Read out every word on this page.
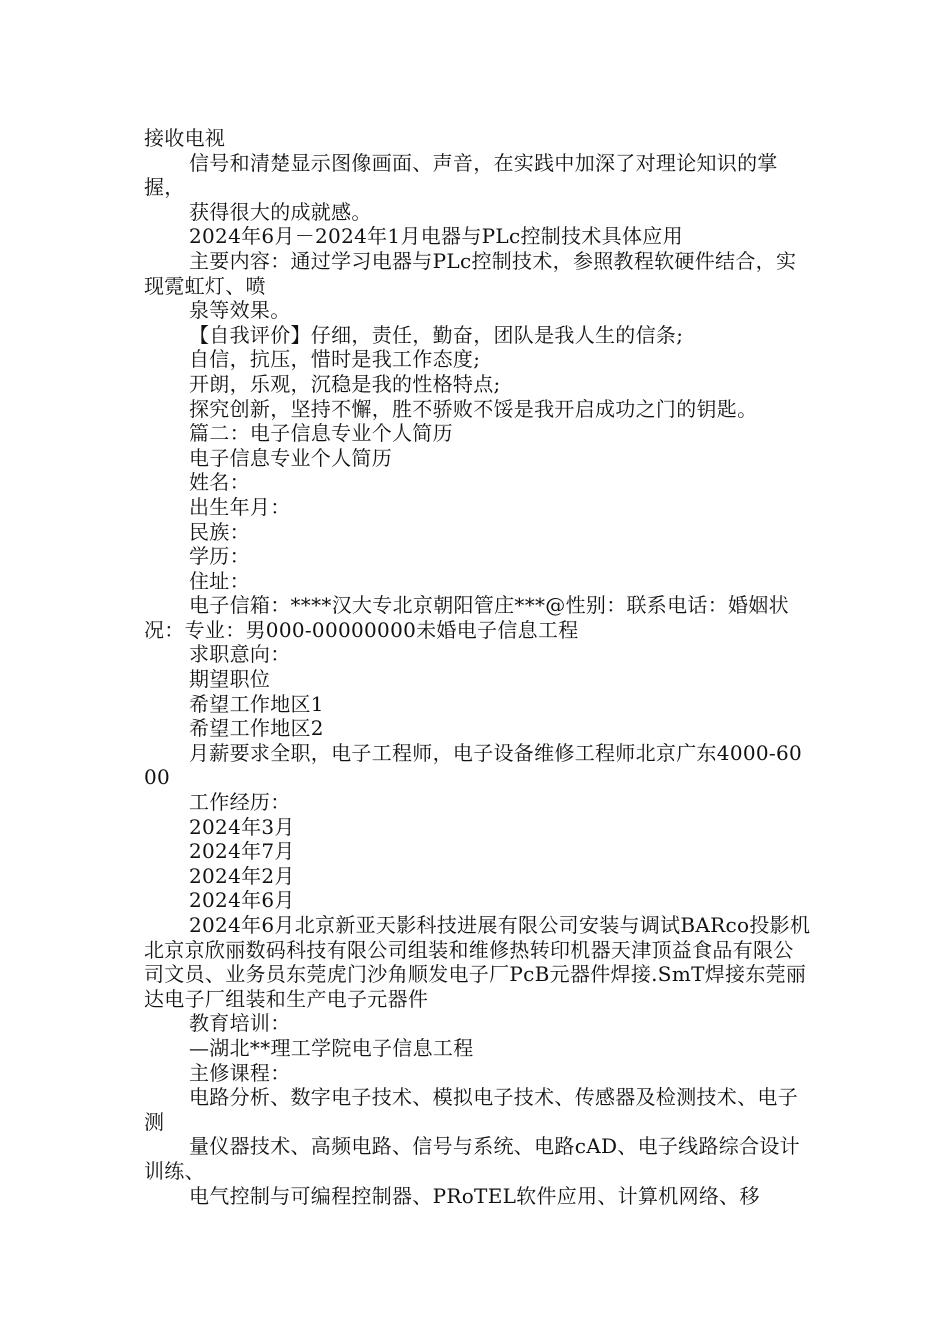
接收电视

信号和清楚显示图像画面、声音，在实践中加深了对理论知识的掌握，

获得很大的成就感。

2024年6月－2024年1月电器与PLc控制技术具体应用

主要内容：通过学习电器与PLc控制技术，参照教程软硬件结合，实现霓虹灯、喷

泉等效果。

【自我评价】仔细，责任，勤奋，团队是我人生的信条;

自信，抗压，惜时是我工作态度;

开朗，乐观，沉稳是我的性格特点;

探究创新，坚持不懈，胜不骄败不馁是我开启成功之门的钥匙。

篇二：电子信息专业个人简历

电子信息专业个人简历

姓名：

出生年月：

民族：

学历：

住址：

电子信箱：****汉大专北京朝阳管庄***@性别：联系电话：婚姻状况：专业：男000-00000000未婚电子信息工程

求职意向：

期望职位

希望工作地区1

希望工作地区2

月薪要求全职，电子工程师，电子设备维修工程师北京广东4000-6000

工作经历：

2024年3月

2024年7月

2024年2月

2024年6月

2024年6月北京新亚天影科技进展有限公司安装与调试BARco投影机北京京欣丽数码科技有限公司组装和维修热转印机器天津顶益食品有限公司文员、业务员东莞虎门沙角顺发电子厂PcB元器件焊接.SmT焊接东莞丽达电子厂组装和生产电子元器件

教育培训：

—湖北**理工学院电子信息工程

主修课程：

电路分析、数字电子技术、模拟电子技术、传感器及检测技术、电子测

量仪器技术、高频电路、信号与系统、电路cAD、电子线路综合设计训练、

电气控制与可编程控制器、PRoTEL软件应用、计算机网络、移
